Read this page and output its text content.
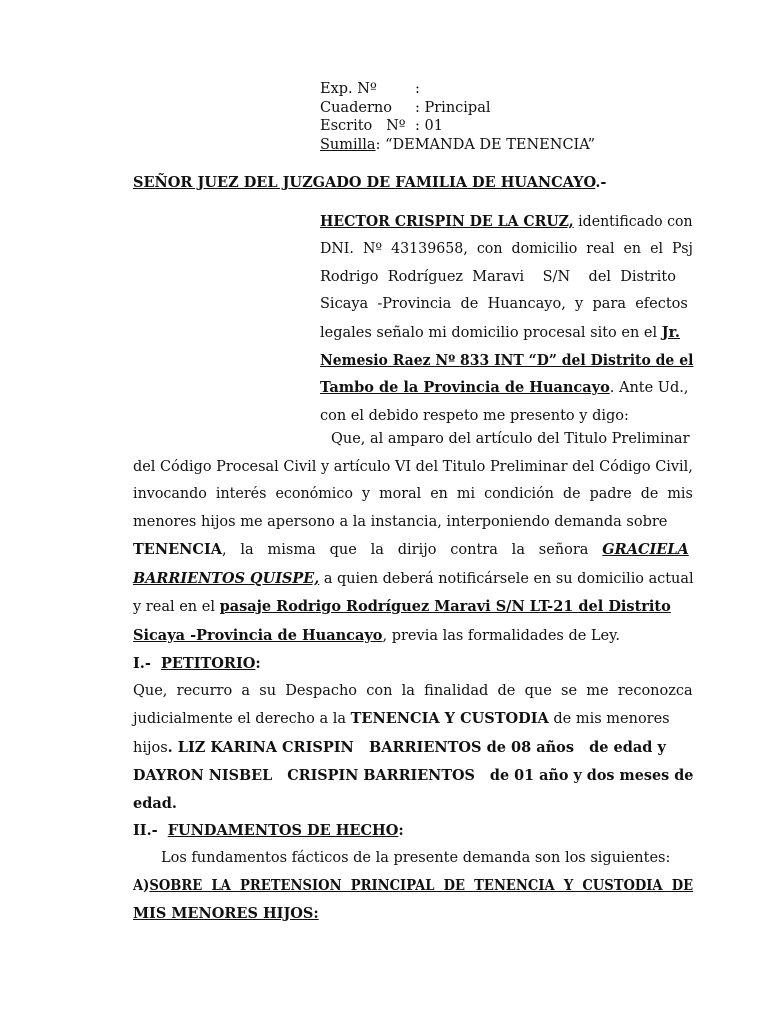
Exp. Nº	:
Cuaderno : Principal
Escrito   Nº : 01
Sumilla: “DEMANDA DE TENENCIA”
SEÑOR JUEZ DEL JUZGADO DE FAMILIA DE HUANCAYO.-
HECTOR CRISPIN DE LA CRUZ, identificado con
DNI.  Nº  43139658,  con  domicilio  real  en  el  Psj
Rodrigo  Rodríguez  Maravi    S/N    del  Distrito
Sicaya  -Provincia  de  Huancayo,  y  para  efectos
legales señalo mi domicilio procesal sito en el Jr.
Nemesio Raez Nº 833 INT “D” del Distrito de el
Tambo de la Provincia de Huancayo. Ante Ud.,
con el debido respeto me presento y digo:
Que, al amparo del artículo del Titulo Preliminar
del Código Procesal Civil y artículo VI del Titulo Preliminar del Código Civil,
invocando  interés  económico  y  moral  en  mi  condición  de  padre  de  mis
menores hijos me apersono a la instancia, interponiendo demanda sobre
TENENCIA,   la   misma   que   la   dirijo   contra   la   señora   GRACIELA
BARRIENTOS QUISPE, a quien deberá notificársele en su domicilio actual
y real en el pasaje Rodrigo Rodríguez Maravi S/N LT-21 del Distrito
Sicaya -Provincia de Huancayo, previa las formalidades de Ley.
I.-  PETITORIO:
Que,  recurro  a  su  Despacho  con  la  finalidad  de  que  se  me  reconozca
judicialmente el derecho a la TENENCIA Y CUSTODIA de mis menores
hijos. LIZ KARINA CRISPIN   BARRIENTOS de 08 años   de edad y
DAYRON NISBEL   CRISPIN BARRIENTOS   de 01 año y dos meses de
edad.
II.-  FUNDAMENTOS DE HECHO:
Los fundamentos fácticos de la presente demanda son los siguientes:
A)SOBRE  LA  PRETENSION  PRINCIPAL  DE  TENENCIA  Y  CUSTODIA  DE
MIS MENORES HIJOS:
